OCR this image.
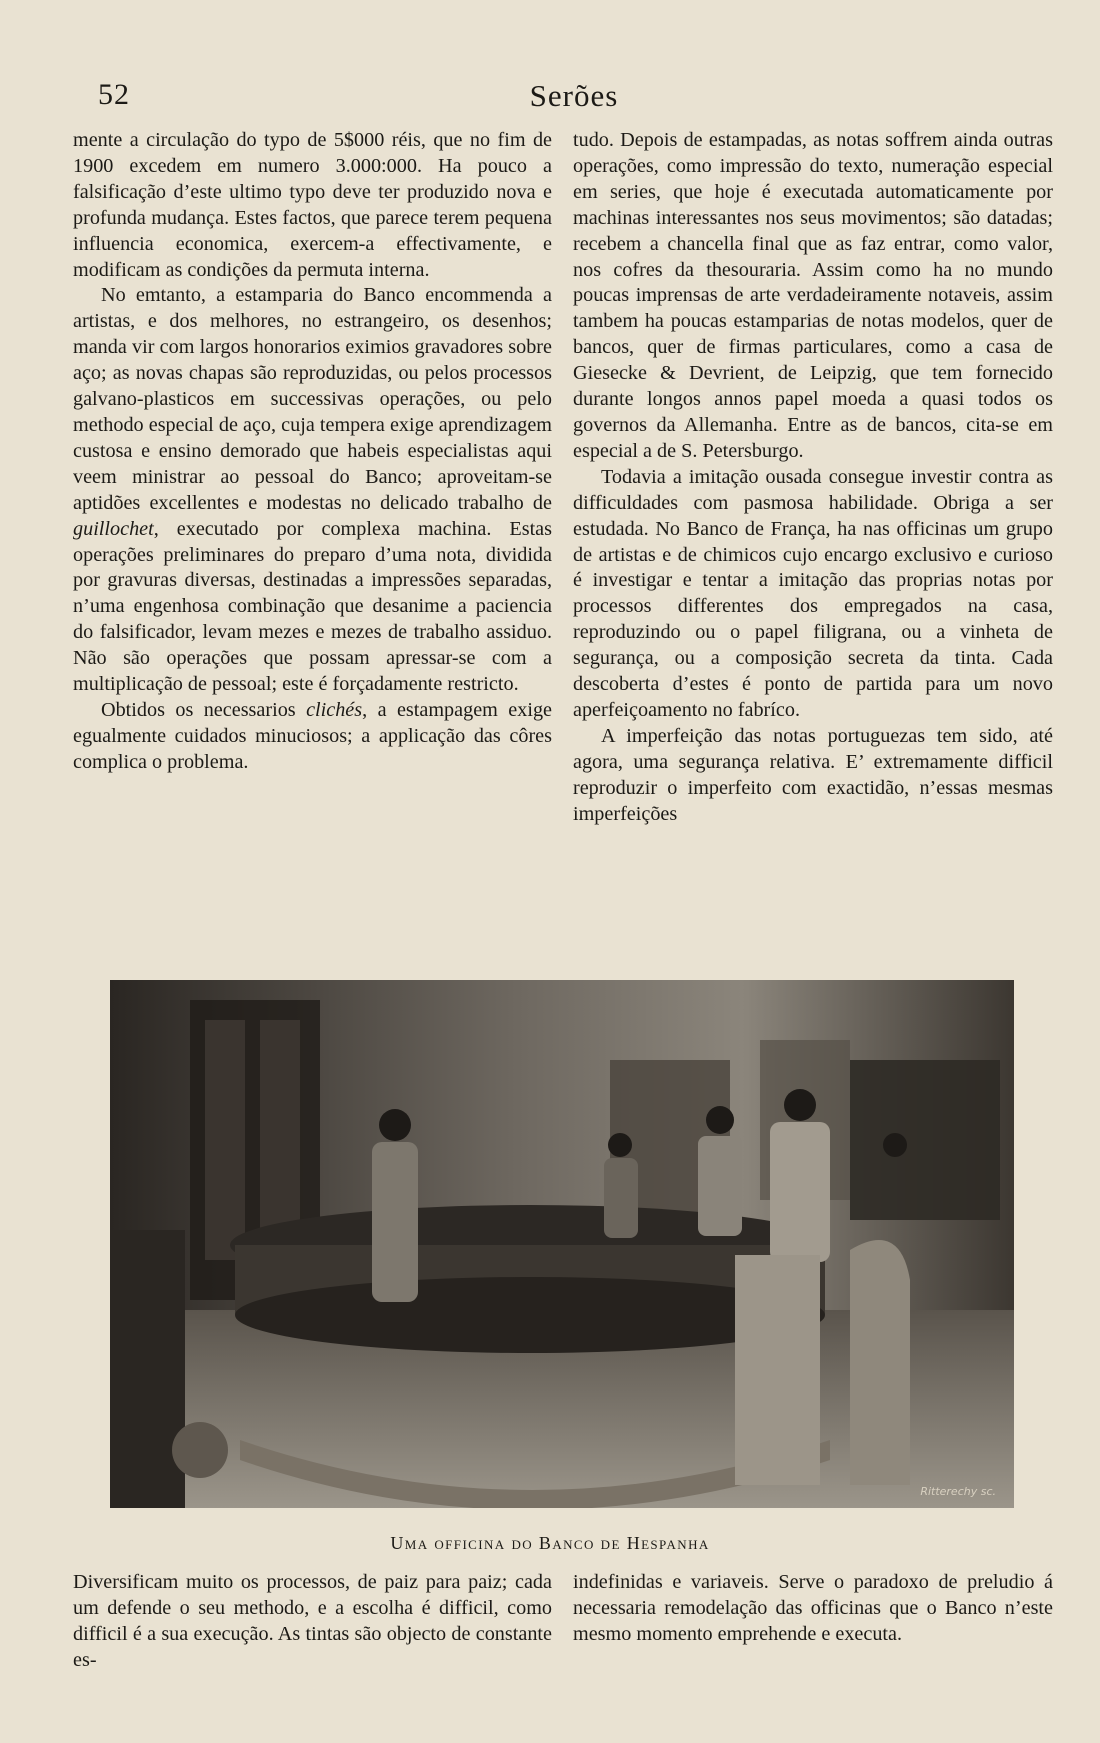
52	Serões

mente a circulação do typo de 5$000 réis, que no fim de 1900 excedem em numero 3.000:000. Ha pouco a falsificação d’este ultimo typo deve ter produzido nova e profunda mudança. Estes factos, que parece terem pequena influencia economica, exercem-a effectivamente, e modificam as condições da permuta interna.

No emtanto, a estamparia do Banco encommenda a artistas, e dos melhores, no estrangeiro, os desenhos; manda vir com largos honorarios eximios gravadores sobre aço; as novas chapas são reproduzidas, ou pelos processos galvano-plasticos em successivas operações, ou pelo methodo especial de aço, cuja tempera exige aprendizagem custosa e ensino demorado que habeis especialistas aqui veem ministrar ao pessoal do Banco; aproveitam-se aptidões excellentes e modestas no delicado trabalho de guillochet, executado por complexa machina. Estas operações preliminares do preparo d’uma nota, dividida por gravuras diversas, destinadas a impressões separadas, n’uma engenhosa combinação que desanime a paciencia do falsificador, levam mezes e mezes de trabalho assiduo. Não são operações que possam apressar-se com a multiplicação de pessoal; este é forçadamente restricto.

Obtidos os necessarios clichés, a estampagem exige egualmente cuidados minuciosos; a applicação das côres complica o problema.

tudo. Depois de estampadas, as notas soffrem ainda outras operações, como impressão do texto, numeração especial em series, que hoje é executada automaticamente por machinas interessantes nos seus movimentos; são datadas; recebem a chancella final que as faz entrar, como valor, nos cofres da thesouraria. Assim como ha no mundo poucas imprensas de arte verdadeiramente notaveis, assim tambem ha poucas estamparias de notas modelos, quer de bancos, quer de firmas particulares, como a casa de Giesecke & Devrient, de Leipzig, que tem fornecido durante longos annos papel moeda a quasi todos os governos da Allemanha. Entre as de bancos, cita-se em especial a de S. Petersburgo.

Todavia a imitação ousada consegue investir contra as difficuldades com pasmosa habilidade. Obriga a ser estudada. No Banco de França, ha nas officinas um grupo de artistas e de chimicos cujo encargo exclusivo e curioso é investigar e tentar a imitação das proprias notas por processos differentes dos empregados na casa, reproduzindo ou o papel filigrana, ou a vinheta de segurança, ou a composição secreta da tinta. Cada descoberta d’estes é ponto de partida para um novo aperfeiçoamento no fabríco.

A imperfeição das notas portuguezas tem sido, até agora, uma segurança relativa. E’ extremamente difficil reproduzir o imperfeito com exactidão, n’essas mesmas imperfeições

Ritterechy sc.
Uma officina do Banco de Hespanha

Diversificam muito os processos, de paiz para paiz; cada um defende o seu methodo, e a escolha é difficil, como difficil é a sua execução. As tintas são objecto de constante es-

indefinidas e variaveis. Serve o paradoxo de preludio á necessaria remodelação das officinas que o Banco n’este mesmo momento emprehende e executa.
